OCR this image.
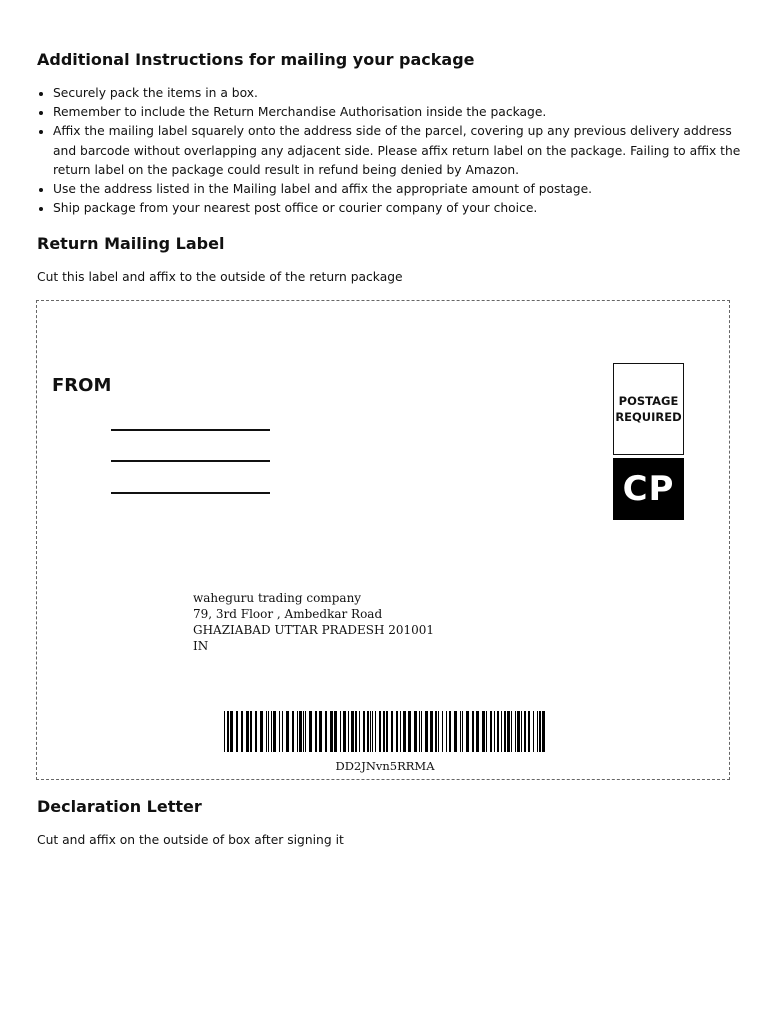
Additional Instructions for mailing your package
• Securely pack the items in a box.
• Remember to include the Return Merchandise Authorisation inside the package.
• Affix the mailing label squarely onto the address side of the parcel, covering up any previous delivery address and barcode without overlapping any adjacent side. Please affix return label on the package. Failing to affix the return label on the package could result in refund being denied by Amazon.
• Use the address listed in the Mailing label and affix the appropriate amount of postage.
• Ship package from your nearest post office or courier company of your choice.
Return Mailing Label

Cut this label and affix to the outside of the return package

FROM
POSTAGE
REQUIRED
CP
waheguru trading company
79, 3rd Floor , Ambedkar Road
GHAZIABAD UTTAR PRADESH 201001
IN
DD2JNvn5RRMA
Declaration Letter

Cut and affix on the outside of box after signing it
